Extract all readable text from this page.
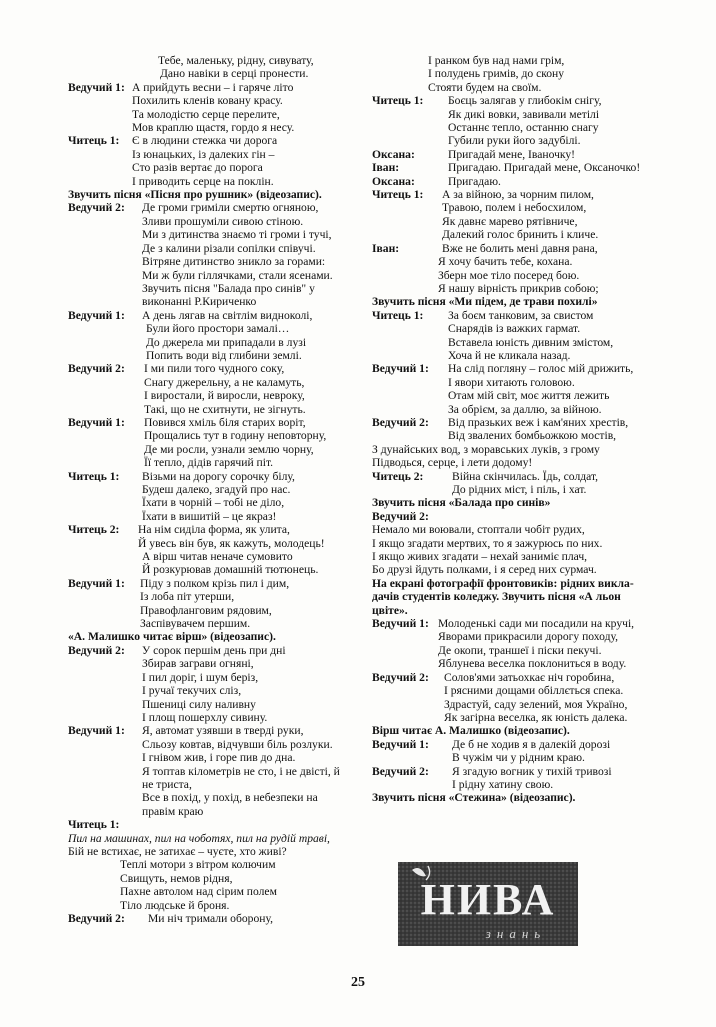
Тебе, маленьку, рідну, сивувату,
Дано навіки в серці пронести.
Ведучий 1: А прийдуть весни – і гаряче літо
Похилить кленів ковану красу.
Та молодістю серце перелите,
Мов краплю щастя, гордо я несу.
Читець 1: Є в людини стежка чи дорога
Із юнацьких, із далеких гін –
Сто разів вертає до порога
І приводить серце на поклін.
Звучить пісня «Пісня про рушник» (відеозапис).
Ведучий 2: Де громи гриміли смертю огняною,
Зливи прошуміли сивою стіною.
Ми з дитинства знаємо ті громи і тучі,
Де з калини різали сопілки співучі.
Вітряне дитинство зникло за горами:
Ми ж були гіллячками, стали ясенами.
Звучить пісня "Балада про синів" у
виконанні Р.Кириченко
Ведучий 1: А день лягав на світлім видноколі,
Були його простори замалі…
До джерела ми припадали в лузі
Попить води від глибини землі.
Ведучий 2: І ми пили того чудного соку,
Снагу джерельну, а не каламуть,
І виростали, й виросли, невроку,
Такі, що не схитнути, не зігнуть.
Ведучий 1: Повився хміль біля старих воріт,
Прощались тут в годину неповторну,
Де ми росли, узнали землю чорну,
Її тепло, дідів гарячий піт.
Читець 1: Візьми на дорогу сорочку білу,
Будеш далеко, згадуй про нас.
Їхати в чорній – тобі не діло,
Їхати в вишитій – це якраз!
Читець 2: На нім сиділа форма, як улита,
Й увесь він був, як кажуть, молодець!
А вірш читав неначе сумовито
Й розкурював домашній тютюнець.
Ведучий 1: Піду з полком крізь пил і дим,
Із лоба піт утерши,
Правофланговим рядовим,
Заспівувачем першим.
«А. Малишко читає вірш» (відеозапис).
Ведучий 2: У сорок першім день при дні
Збирав заграви огняні,
І пил доріг, і шум беріз,
І ручаї текучих сліз,
Пшениці силу наливну
І площ пошерхлу сивину.
Ведучий 1: Я, автомат узявши в тверді руки,
Сльозу ковтав, відчувши біль розлуки.
І гнівом жив, і горе пив до дна.
Я топтав кілометрів не сто, і не двісті, й
не триста,
Все в похід, у похід, в небезпеки на
правім краю
Читець 1:
Пил на машинах, пил на чоботях, пил на рудій траві,
Бій не встихає, не затихає – чуєте, хто живі?
Теплі мотори з вітром колючим
Свищуть, немов рідня,
Пахне автолом над сірим полем
Тіло людське й броня.
Ведучий 2: Ми ніч тримали оборону,
І ранком був над нами грім,
І полудень гримів, до скону
Стояти будем на своїм.
Читець 1: Боєць залягав у глибокім снігу,
Як дикі вовки, завивали метілі
Останнє тепло, останню снагу
Губили руки його задубілі.
Оксана:	Пригадай мене, Іваночку!
Іван:	Пригадаю. Пригадай мене, Оксаночко!
Оксана:	Пригадаю.
Читець 1: А за війною, за чорним пилом,
Травою, полем і небосхилом,
Як давнє марево рятівниче,
Далекий голос бринить і кличе.
Іван:	Вже не болить мені давня рана,
Я хочу бачить тебе, кохана.
Зберн мое тіло посеред бою.
Я нашу вірність прикрив собою;
Звучить пісня «Ми підем, де трави похилі»
Читець 1: За боєм танковим, за свистом
Снарядів із важких гармат.
Вставела юність дивним змістом,
Хоча й не кликала назад.
Ведучий 1: На слід погляну – голос мій дрижить,
І явори хитають головою.
Отам мій світ, моє життя лежить
За обрієм, за даллю, за війною.
Ведучий 2: Від празьких веж і кам'яних хрестів,
Від звалених бомбьожкою мостів,
З дунайських вод, з моравських луків, з грому
Підводься, серце, і лети додому!
Читець 2: Війна скінчилась. Їдь, солдат,
До рідних міст, і піль, і хат.
Звучить пісня «Балада про синів»
Ведучий 2:
Немало ми воювали, стоптали чобіт рудих,
І якщо згадати мертвих, то я зажурюсь по них.
І якщо живих згадати – нехай заниміє плач,
Бо друзі йдуть полками, і я серед них сурмач.
На екрані фотографії фронтовиків: рідних викла-
дачів студентів коледжу. Звучить пісня «А льон
цвіте».
Ведучий 1: Молоденькі сади ми посадили на кручі,
Яворами прикрасили дорогу походу,
Де окопи, траншеї і піски пекучі.
Яблунева веселка поклониться в воду.
Ведучий 2: Солов'ями затьохкає ніч горобина,
І рясними дощами обіллється спека.
Здрастуй, саду зелений, моя Україно,
Як загірна веселка, як юність далека.
Вірш читає А. Малишко (відеозапис).
Ведучий 1: Де б не ходив я в далекій дорозі
В чужім чи у рідним краю.
Ведучий 2: Я згадую вогник у тихій тривозі
І рідну хатину свою.
Звучить пісня «Стежина» (відеозапис).
НИВА
знань
25
